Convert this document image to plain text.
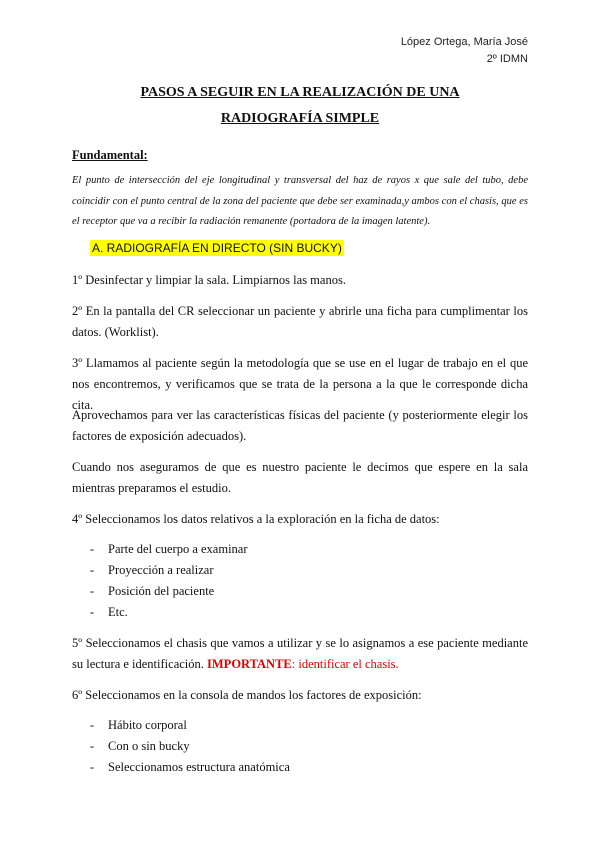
López Ortega, María José
2º IDMN
PASOS A SEGUIR EN LA REALIZACIÓN DE UNA
RADIOGRAFÍA SIMPLE
Fundamental:
El punto de intersección del eje longitudinal y transversal del haz de rayos x que sale del tubo, debe coincidir con el punto central de la zona del paciente que debe ser examinada,y ambos con el chasis, que es el receptor que va a recibir la radiación remanente (portadora de la imagen latente).
A. RADIOGRAFÍA EN DIRECTO (SIN BUCKY)
1º Desinfectar y limpiar la sala. Limpiarnos las manos.
2º En la pantalla del CR seleccionar un paciente y abrirle una ficha para cumplimentar los datos. (Worklist).
3º Llamamos al paciente según la metodología que se use en el lugar de trabajo en el que nos encontremos, y verificamos que se trata de la persona a la que le corresponde dicha cita.
Aprovechamos para ver las características físicas del paciente (y posteriormente elegir los factores de exposición adecuados).
Cuando nos aseguramos de que es nuestro paciente le decimos que espere en la sala mientras preparamos el estudio.
4º Seleccionamos los datos relativos a la exploración en la ficha de datos:
- Parte del cuerpo a examinar
- Proyección a realizar
- Posición del paciente
- Etc.
5º Seleccionamos el chasis que vamos a utilizar y se lo asignamos a ese paciente mediante su lectura e identificación. IMPORTANTE: identificar el chasis.
6º Seleccionamos en la consola de mandos los factores de exposición:
- Hábito corporal
- Con o sin bucky
- Seleccionamos estructura anatómica
